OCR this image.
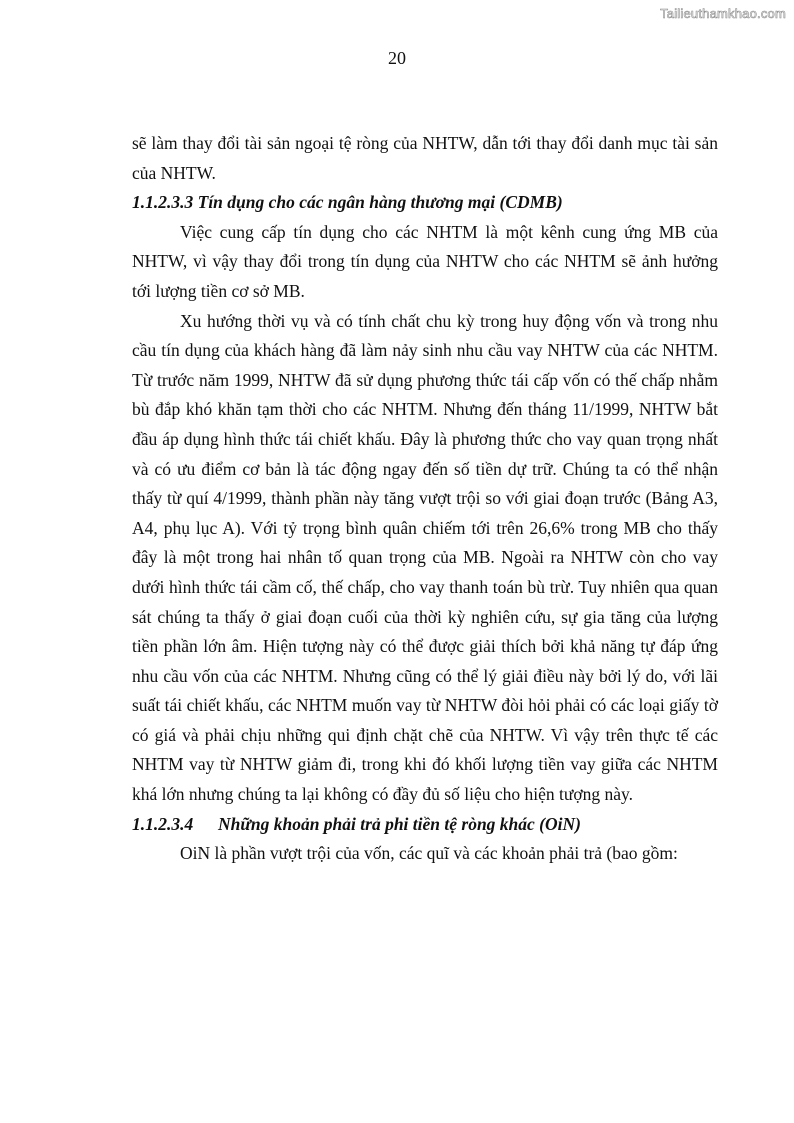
Tailieuthamkhao.com
20

sẽ làm thay đổi tài sản ngoại tệ ròng của NHTW, dẫn tới thay đổi danh mục tài sản của NHTW.

1.1.2.3.3 Tín dụng cho các ngân hàng thương mại (CDMB)

Việc cung cấp tín dụng cho các NHTM là một kênh cung ứng MB của NHTW, vì vậy thay đổi trong tín dụng của NHTW cho các NHTM sẽ ảnh hưởng tới lượng tiền cơ sở MB.

Xu hướng thời vụ và có tính chất chu kỳ trong huy động vốn và trong nhu cầu tín dụng của khách hàng đã làm nảy sinh nhu cầu vay NHTW của các NHTM. Từ trước năm 1999, NHTW đã sử dụng phương thức tái cấp vốn có thế chấp nhằm bù đắp khó khăn tạm thời cho các NHTM. Nhưng đến tháng 11/1999, NHTW bắt đầu áp dụng hình thức tái chiết khấu. Đây là phương thức cho vay quan trọng nhất và có ưu điểm cơ bản là tác động ngay đến số tiền dự trữ. Chúng ta có thể nhận thấy từ quí 4/1999, thành phần này tăng vượt trội so với giai đoạn trước (Bảng A3, A4, phụ lục A). Với tỷ trọng bình quân chiếm tới trên 26,6% trong MB cho thấy đây là một trong hai nhân tố quan trọng của MB. Ngoài ra NHTW còn cho vay dưới hình thức tái cầm cố, thế chấp, cho vay thanh toán bù trừ. Tuy nhiên qua quan sát chúng ta thấy ở giai đoạn cuối của thời kỳ nghiên cứu, sự gia tăng của lượng tiền phần lớn âm. Hiện tượng này có thể được giải thích bởi khả năng tự đáp ứng nhu cầu vốn của các NHTM. Nhưng cũng có thể lý giải điều này bởi lý do, với lãi suất tái chiết khấu, các NHTM muốn vay từ NHTW đòi hỏi phải có các loại giấy tờ có giá và phải chịu những qui định chặt chẽ của NHTW. Vì vậy trên thực tế các NHTM vay từ NHTW giảm đi, trong khi đó khối lượng tiền vay giữa các NHTM khá lớn nhưng chúng ta lại không có đầy đủ số liệu cho hiện tượng này.

1.1.2.3.4 Những khoản phải trả phi tiền tệ ròng khác (OiN)

OiN là phần vượt trội của vốn, các quĩ và các khoản phải trả (bao gồm:
